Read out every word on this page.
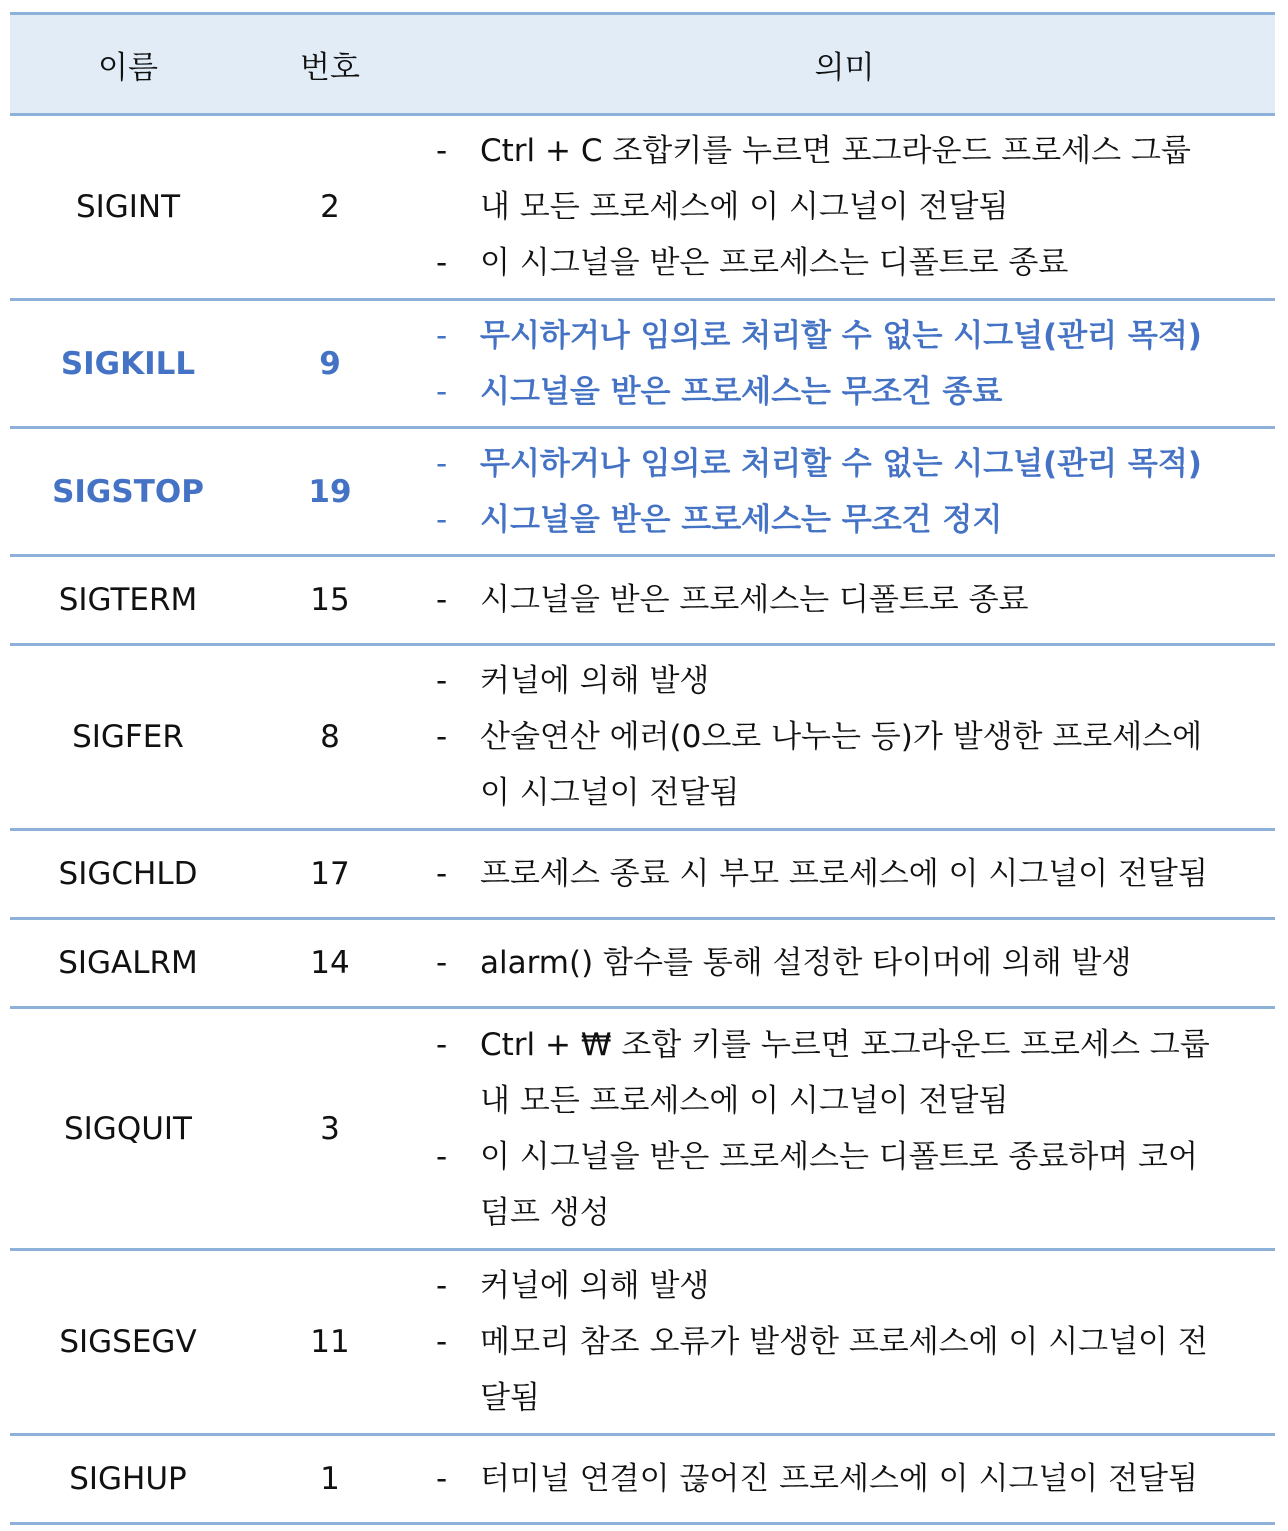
이름	번호	의미
SIGINT	2
-	Ctrl + C 조합키를 누르면 포그라운드 프로세스 그룹
내 모든 프로세스에 이 시그널이 전달됨
-	이 시그널을 받은 프로세스는 디폴트로 종료
SIGKILL	9
-	무시하거나 임의로 처리할 수 없는 시그널(관리 목적)
-	시그널을 받은 프로세스는 무조건 종료
SIGSTOP	19
-	무시하거나 임의로 처리할 수 없는 시그널(관리 목적)
-	시그널을 받은 프로세스는 무조건 정지
SIGTERM	15	-	시그널을 받은 프로세스는 디폴트로 종료
SIGFER	8
-	커널에 의해 발생
-	산술연산 에러(0으로 나누는 등)가 발생한 프로세스에
이 시그널이 전달됨
SIGCHLD	17	-	프로세스 종료 시 부모 프로세스에 이 시그널이 전달됨
SIGALRM	14	-	alarm() 함수를 통해 설정한 타이머에 의해 발생
SIGQUIT	3
-	Ctrl + ₩ 조합 키를 누르면 포그라운드 프로세스 그룹
내 모든 프로세스에 이 시그널이 전달됨
-	이 시그널을 받은 프로세스는 디폴트로 종료하며 코어
덤프 생성
SIGSEGV	11
-	커널에 의해 발생
-	메모리 참조 오류가 발생한 프로세스에 이 시그널이 전
달됨
SIGHUP	1	-	터미널 연결이 끊어진 프로세스에 이 시그널이 전달됨
